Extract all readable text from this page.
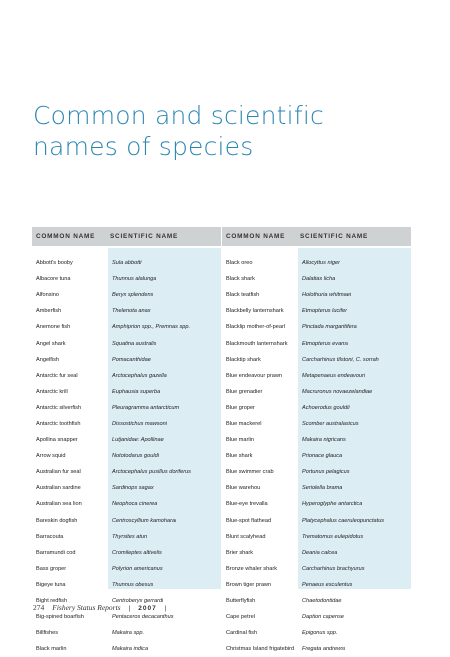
Common and scientific
names of species
COMMON NAME	SCIENTIFIC NAME
Abbott's booby	Sula abbotti
Albacore tuna	Thunnus alalunga
Alfonsino	Beryx splendens
Amberfish	Thelenota anax
Anemone fish	Amphiprion spp., Premnas spp.
Angel shark	Squatina australis
Angelfish	Pomacanthidae
Antarctic fur seal	Arctocephalus gazella
Antarctic krill	Euphausia superba
Antarctic silverfish	Pleuragramma antarcticum
Antarctic toothfish	Dissostichus mawsoni
Apollina snapper	Lutjanidae: Apollinae
Arrow squid	Nototodarus gouldi
Australian fur seal	Arctocephalus pusillus doriferus
Australian sardine	Sardinops sagax
Australian sea lion	Neophoca cinerea
Bareskin dogfish	Centroscyllium kamoharai
Barracouta	Thyrsites atun
Barramundi cod	Cromileptes altivelis
Bass groper	Polyrion americanus
Bigeye tuna	Thunnus obesus
Bight redfish	Centroberyx gerrardi
Big-spined boarfish	Pentaceros decacanthus
Billfishes	Makaira spp.
Black marlin	Makaira indica
COMMON NAME	SCIENTIFIC NAME
Black oreo	Allocyttus niger
Black shark	Dalatias licha
Black teatfish	Holothuria whitmaei
Blackbelly lanternshark	Etmopterus lucifer
Blacklip mother-of-pearl	Pinctada margaritifera
Blackmouth lanternshark	Etmopterus evansi
Blacktip shark	Carcharhinus tilstoni, C. sorrah
Blue endeavour prawn	Metapenaeus endeavouri
Blue grenadier	Macruronus novaezelandiae
Blue groper	Achoerodus gouldii
Blue mackerel	Scomber australasicus
Blue marlin	Makaira nigricans
Blue shark	Prionace glauca
Blue swimmer crab	Portunus pelagicus
Blue warehou	Seriolella brama
Blue-eye trevalla	Hyperoglyphe antarctica
Blue-spot flathead	Platycephalus caeruleopunctatus
Blunt scalyhead	Trematomus eulepidotus
Brier shark	Deania calcea
Bronze whaler shark	Carcharhinus brachyurus
Brown tiger prawn	Penaeus esculentus
Butterflyfish	Chaetodontidae
Cape petrel	Daption capense
Cardinal fish	Epigonus spp.
Christmas Island frigatebird	Fregata andrewsi
274 Fishery Status Reports | 2007 |
